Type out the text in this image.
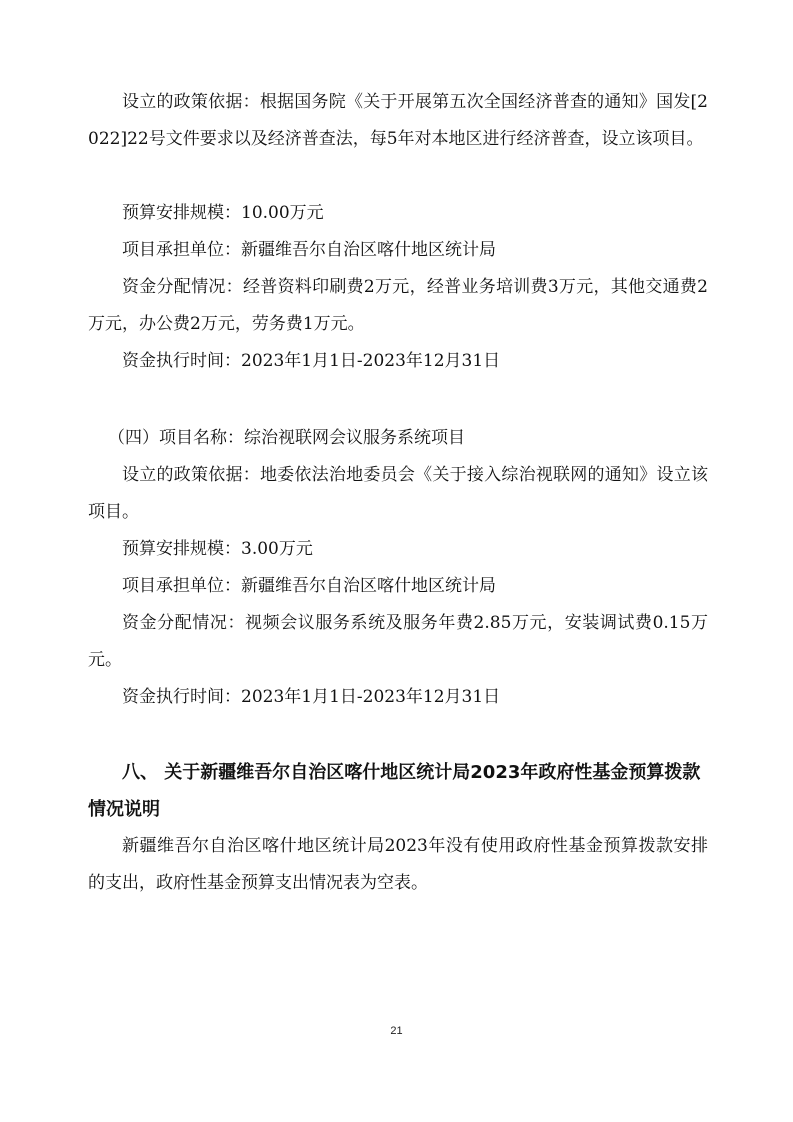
设立的政策依据：根据国务院《关于开展第五次全国经济普查的通知》国发[2022]22号文件要求以及经济普查法，每5年对本地区进行经济普查，设立该项目。

预算安排规模：10.00万元

项目承担单位：新疆维吾尔自治区喀什地区统计局

资金分配情况：经普资料印刷费2万元，经普业务培训费3万元，其他交通费2万元，办公费2万元，劳务费1万元。

资金执行时间：2023年1月1日-2023年12月31日

（四）项目名称：综治视联网会议服务系统项目

设立的政策依据：地委依法治地委员会《关于接入综治视联网的通知》设立该项目。

预算安排规模：3.00万元

项目承担单位：新疆维吾尔自治区喀什地区统计局

资金分配情况：视频会议服务系统及服务年费2.85万元，安装调试费0.15万元。

资金执行时间：2023年1月1日-2023年12月31日

八、 关于新疆维吾尔自治区喀什地区统计局2023年政府性基金预算拨款情况说明

新疆维吾尔自治区喀什地区统计局2023年没有使用政府性基金预算拨款安排的支出，政府性基金预算支出情况表为空表。

21
